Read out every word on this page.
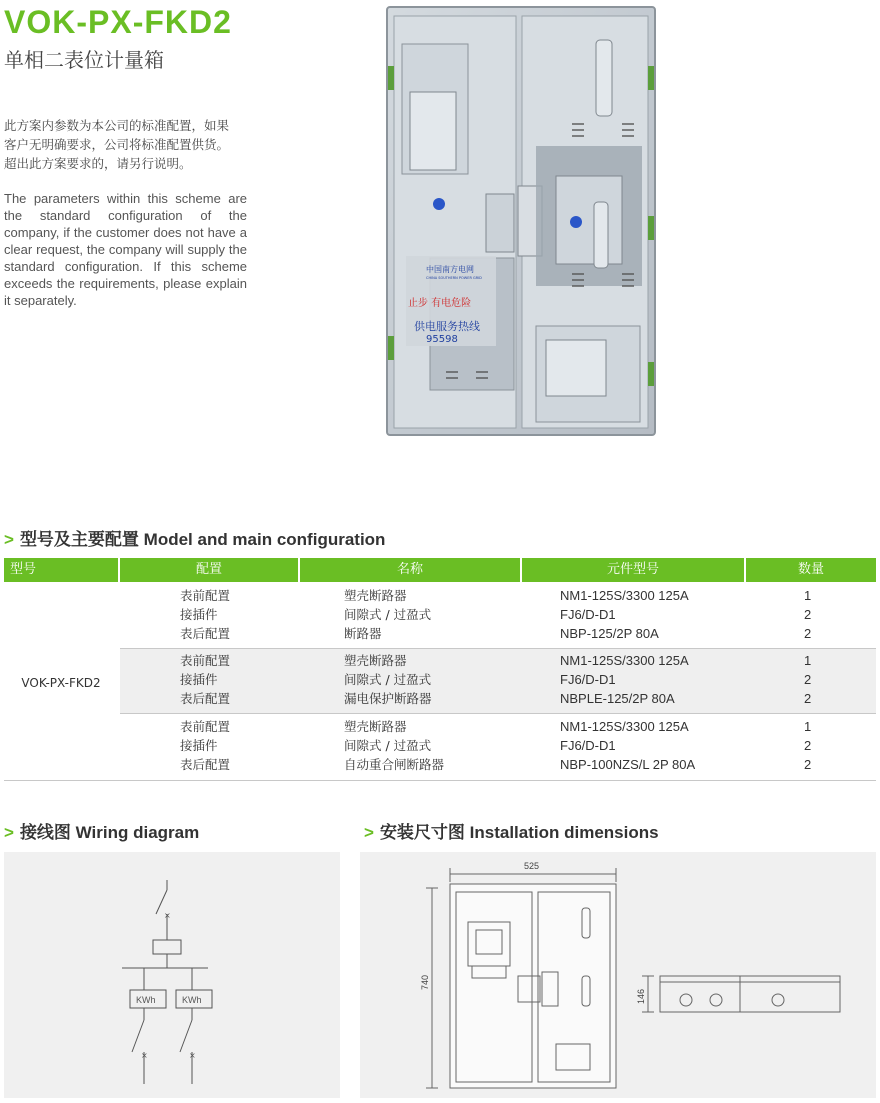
VOK-PX-FKD2
单相二表位计量箱
此方案内参数为本公司的标准配置，如果
客户无明确要求，公司将标准配置供货。
超出此方案要求的，请另行说明。
The parameters within this scheme are the standard configuration of the company, if the customer does not have a clear request, the company will supply the standard configuration. If this scheme exceeds the requirements, please explain it separately.
中国南方电网
CHINA SOUTHERN POWER GRID
止步 有电危险
供电服务热线
95598
> 型号及主要配置 Model and main configuration
型号	配置	名称	元件型号	数量
VOK-PX-FKD2
表前配置	塑壳断路器	NM1-125S/3300 125A	1
接插件	间隙式 / 过盈式	FJ6/D-D1	2
表后配置	断路器	NBP-125/2P 80A	2
表前配置	塑壳断路器	NM1-125S/3300 125A	1
接插件	间隙式 / 过盈式	FJ6/D-D1	2
表后配置	漏电保护断路器	NBPLE-125/2P 80A	2
表前配置	塑壳断路器	NM1-125S/3300 125A	1
接插件	间隙式 / 过盈式	FJ6/D-D1	2
表后配置	自动重合闸断路器	NBP-100NZS/L 2P 80A	2
> 接线图 Wiring diagram
×
×	×
KWh	KWh
> 安装尺寸图 Installation dimensions
525
740
146
